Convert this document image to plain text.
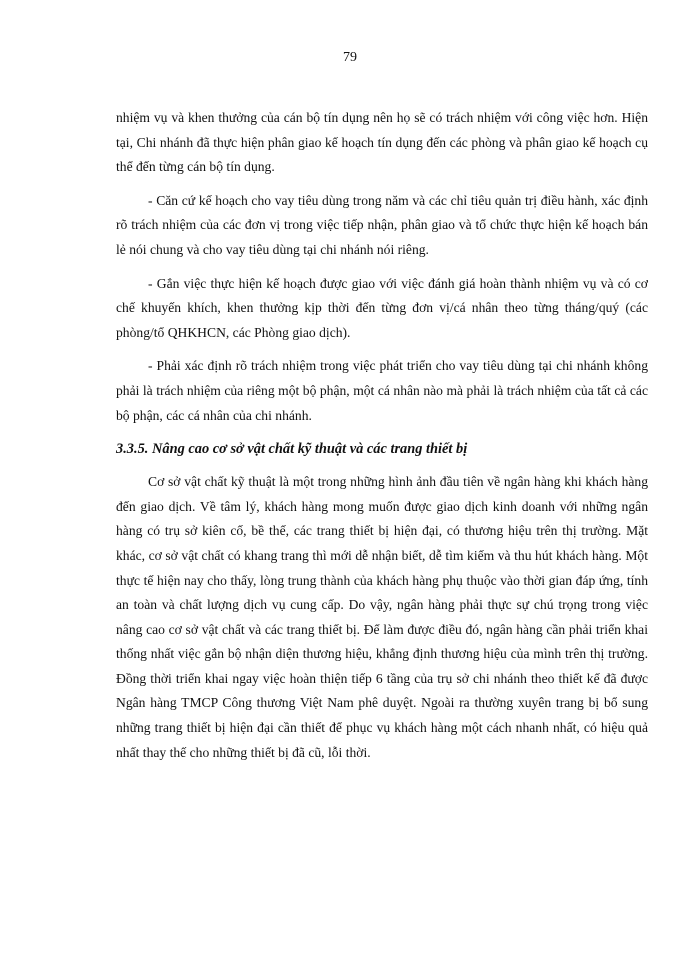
79

nhiệm vụ và khen thưởng của cán bộ tín dụng nên họ sẽ có trách nhiệm với công việc hơn. Hiện tại, Chi nhánh đã thực hiện phân giao kế hoạch tín dụng đến các phòng và phân giao kế hoạch cụ thể đến từng cán bộ tín dụng.

- Căn cứ kế hoạch cho vay tiêu dùng trong năm và các chỉ tiêu quản trị điều hành, xác định rõ trách nhiệm của các đơn vị trong việc tiếp nhận, phân giao và tổ chức thực hiện kế hoạch bán lẻ nói chung và cho vay tiêu dùng tại chi nhánh nói riêng.

- Gắn việc thực hiện kế hoạch được giao với việc đánh giá hoàn thành nhiệm vụ và có cơ chế khuyến khích, khen thưởng kịp thời đến từng đơn vị/cá nhân theo từng tháng/quý (các phòng/tổ QHKHCN, các Phòng giao dịch).

- Phải xác định rõ trách nhiệm trong việc phát triển cho vay tiêu dùng tại chi nhánh không phải là trách nhiệm của riêng một bộ phận, một cá nhân nào mà phải là trách nhiệm của tất cả các bộ phận, các cá nhân của chi nhánh.

3.3.5. Nâng cao cơ sở vật chất kỹ thuật và các trang thiết bị

Cơ sở vật chất kỹ thuật là một trong những hình ảnh đầu tiên về ngân hàng khi khách hàng đến giao dịch. Về tâm lý, khách hàng mong muốn được giao dịch kinh doanh với những ngân hàng có trụ sở kiên cố, bề thế, các trang thiết bị hiện đại, có thương hiệu trên thị trường. Mặt khác, cơ sở vật chất có khang trang thì mới dễ nhận biết, dễ tìm kiếm và thu hút khách hàng. Một thực tế hiện nay cho thấy, lòng trung thành của khách hàng phụ thuộc vào thời gian đáp ứng, tính an toàn và chất lượng dịch vụ cung cấp. Do vậy, ngân hàng phải thực sự chú trọng trong việc nâng cao cơ sở vật chất và các trang thiết bị. Để làm được điều đó, ngân hàng cần phải triển khai thống nhất việc gắn bộ nhận diện thương hiệu, khẳng định thương hiệu của mình trên thị trường. Đồng thời triển khai ngay việc hoàn thiện tiếp 6 tầng của trụ sở chi nhánh theo thiết kế đã được Ngân hàng TMCP Công thương Việt Nam phê duyệt. Ngoài ra thường xuyên trang bị bổ sung những trang thiết bị hiện đại cần thiết để phục vụ khách hàng một cách nhanh nhất, có hiệu quả nhất thay thế cho những thiết bị đã cũ, lỗi thời.
